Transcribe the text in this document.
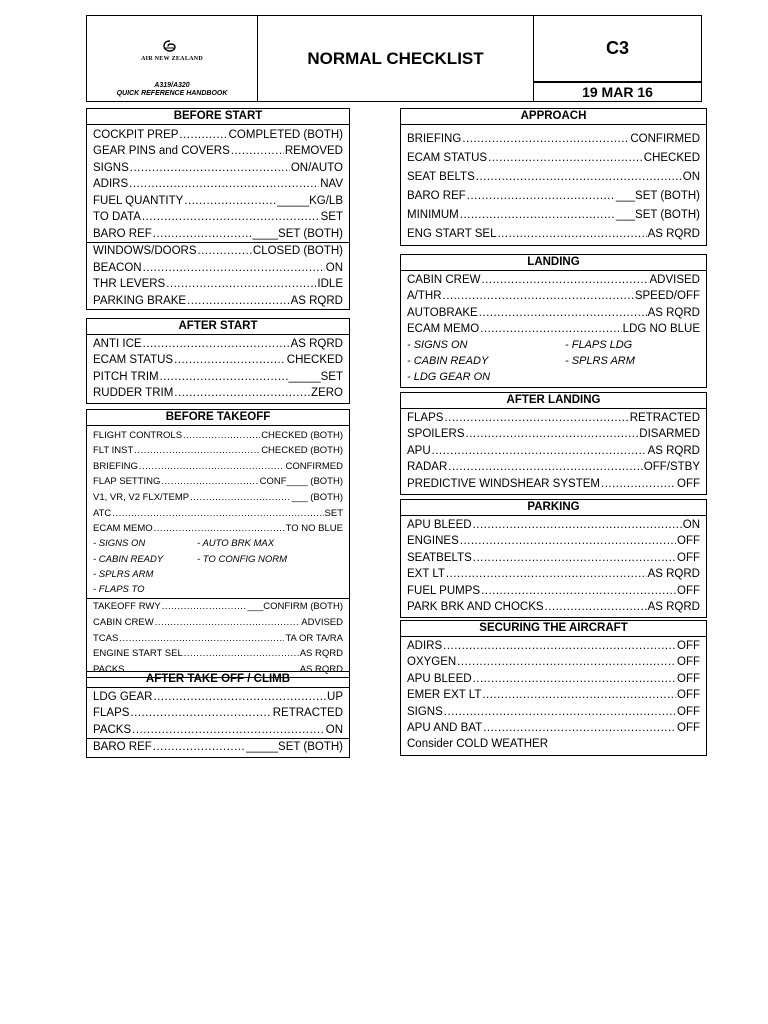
AIR NEW ZEALAND
A319/A320
QUICK REFERENCE HANDBOOK
NORMAL CHECKLIST	C3
19 MAR 16
BEFORE START
COCKPIT PREP .....	COMPLETED (BOTH)
GEAR PINS and COVERS .....	REMOVED
SIGNS .....	ON/AUTO
ADIRS .....	NAV
FUEL QUANTITY .....	_____KG/LB
TO DATA .....	SET
BARO REF .....	____SET (BOTH)
WINDOWS/DOORS .....	CLOSED (BOTH)
BEACON .....	ON
THR LEVERS .....	IDLE
PARKING BRAKE .....	AS RQRD
AFTER START
ANTI ICE .....	AS RQRD
ECAM STATUS .....	CHECKED
PITCH TRIM .....	_____SET
RUDDER TRIM .....	ZERO
BEFORE TAKEOFF
FLIGHT CONTROLS .....	CHECKED (BOTH)
FLT INST .....	CHECKED (BOTH)
BRIEFING .....	CONFIRMED
FLAP SETTING .....	CONF____ (BOTH)
V1, VR, V2 FLX/TEMP .....	___ (BOTH)
ATC .....	SET
ECAM MEMO .....	TO NO BLUE
- SIGNS ON	- AUTO BRK MAX
- CABIN READY	- TO CONFIG NORM
- SPLRS ARM
- FLAPS TO
TAKEOFF RWY .....	___CONFIRM (BOTH)
CABIN CREW .....	ADVISED
TCAS .....	TA OR TA/RA
ENGINE START SEL .....	AS RQRD
PACKS .....	AS RQRD
AFTER TAKE OFF / CLIMB
LDG GEAR .....	UP
FLAPS .....	RETRACTED
PACKS .....	ON
BARO REF .....	_____SET (BOTH)
APPROACH
BRIEFING .....	CONFIRMED
ECAM STATUS .....	CHECKED
SEAT BELTS .....	ON
BARO REF .....	___SET (BOTH)
MINIMUM .....	___SET (BOTH)
ENG START SEL .....	AS RQRD
LANDING
CABIN CREW .....	ADVISED
A/THR .....	SPEED/OFF
AUTOBRAKE .....	AS RQRD
ECAM MEMO .....	LDG NO BLUE
- SIGNS ON	- FLAPS LDG
- CABIN READY	- SPLRS ARM
- LDG GEAR ON
AFTER LANDING
FLAPS .....	RETRACTED
SPOILERS .....	DISARMED
APU .....	AS RQRD
RADAR .....	OFF/STBY
PREDICTIVE WINDSHEAR SYSTEM .....	OFF
PARKING
APU BLEED .....	ON
ENGINES .....	OFF
SEATBELTS .....	OFF
EXT LT .....	AS RQRD
FUEL PUMPS .....	OFF
PARK BRK AND CHOCKS .....	AS RQRD
SECURING THE AIRCRAFT
ADIRS .....	OFF
OXYGEN .....	OFF
APU BLEED .....	OFF
EMER EXT LT .....	OFF
SIGNS .....	OFF
APU AND BAT .....	OFF
Consider COLD WEATHER
